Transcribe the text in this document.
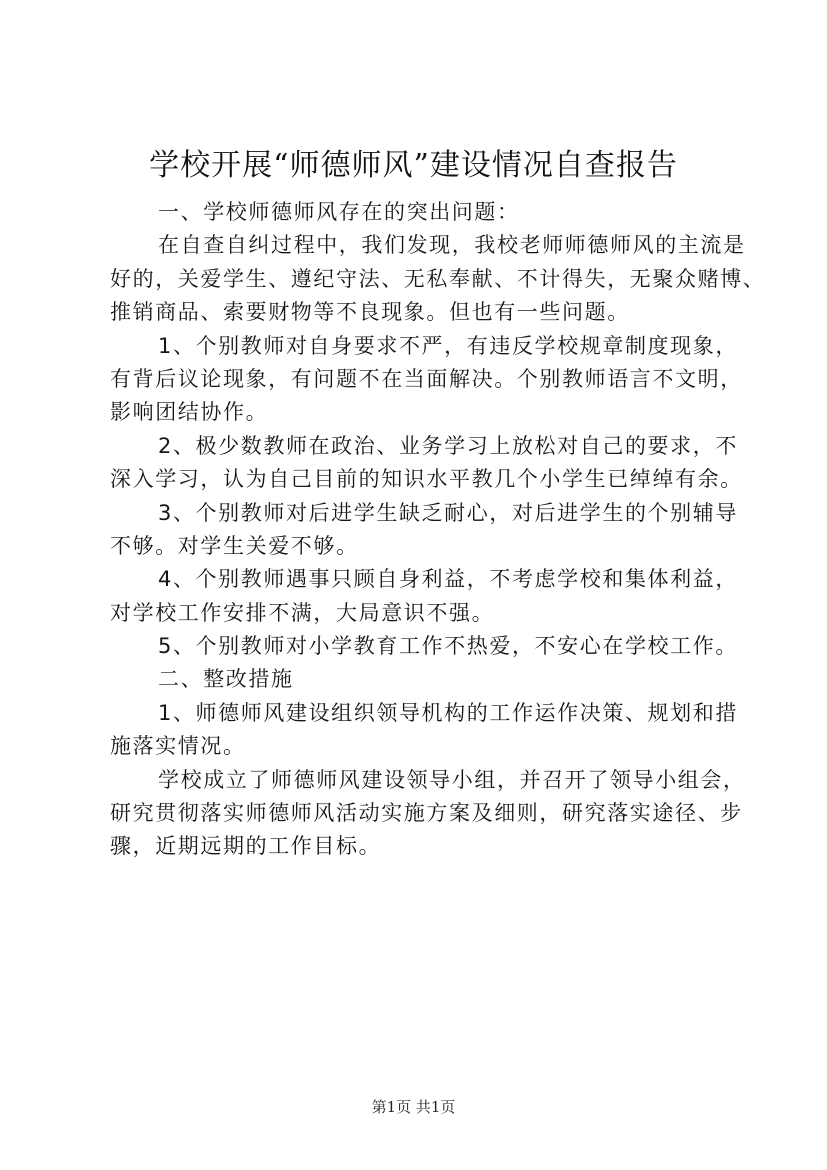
学校开展“师德师风”建设情况自查报告
一、学校师德师风存在的突出问题：
在自查自纠过程中，我们发现，我校老师师德师风的主流是
好的，关爱学生、遵纪守法、无私奉献、不计得失，无聚众赌博、
推销商品、索要财物等不良现象。但也有一些问题。
1、个别教师对自身要求不严，有违反学校规章制度现象，
有背后议论现象，有问题不在当面解决。个别教师语言不文明，
影响团结协作。
2、极少数教师在政治、业务学习上放松对自己的要求，不
深入学习，认为自己目前的知识水平教几个小学生已绰绰有余。
3、个别教师对后进学生缺乏耐心，对后进学生的个别辅导
不够。对学生关爱不够。
4、个别教师遇事只顾自身利益，不考虑学校和集体利益，
对学校工作安排不满，大局意识不强。
5、个别教师对小学教育工作不热爱，不安心在学校工作。
二、整改措施
1、师德师风建设组织领导机构的工作运作决策、规划和措
施落实情况。
学校成立了师德师风建设领导小组，并召开了领导小组会，
研究贯彻落实师德师风活动实施方案及细则，研究落实途径、步
骤，近期远期的工作目标。
第1页 共1页
